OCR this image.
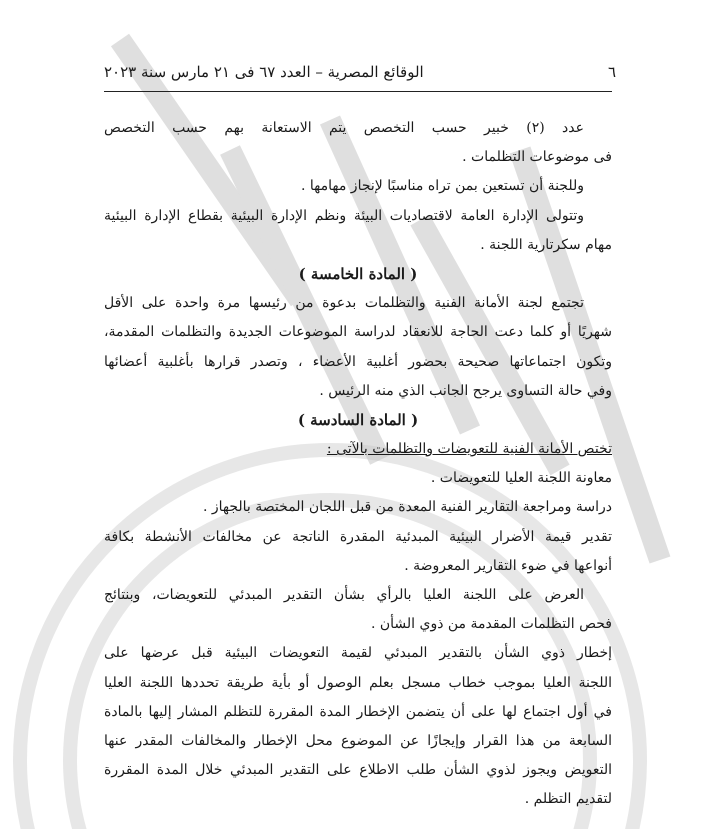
٦
الوقائع المصرية – العدد ٦٧ فى ٢١ مارس سنة ٢٠٢٣
عدد (٢) خبير حسب التخصص يتم الاستعانة بهم حسب التخصص
فى موضوعات التظلمات .
وللجنة أن تستعين بمن تراه مناسبًا لإنجاز مهامها .
وتتولى الإدارة العامة لاقتصاديات البيئة ونظم الإدارة البيئية بقطاع الإدارة البيئية
مهام سكرتارية اللجنة .
( المادة الخامسة )
تجتمع لجنة الأمانة الفنية والتظلمات بدعوة من رئيسها مرة واحدة على الأقل
شهريًا أو كلما دعت الحاجة للانعقاد لدراسة الموضوعات الجديدة والتظلمات المقدمة،
وتكون اجتماعاتها صحيحة بحضور أغلبية الأعضاء ، وتصدر قرارها بأغلبية أعضائها
وفي حالة التساوى يرجح الجانب الذي منه الرئيس .
( المادة السادسة )
تختص الأمانة الفنية للتعويضات والتظلمات بالآتى :
معاونة اللجنة العليا للتعويضات .
دراسة ومراجعة التقارير الفنية المعدة من قبل اللجان المختصة بالجهاز .
تقدير قيمة الأضرار البيئية المبدئية المقدرة الناتجة عن مخالفات الأنشطة بكافة
أنواعها في ضوء التقارير المعروضة .
العرض على اللجنة العليا بالرأي بشأن التقدير المبدئي للتعويضات، وبنتائج
فحص التظلمات المقدمة من ذوي الشأن .
إخطار ذوي الشأن بالتقدير المبدئي لقيمة التعويضات البيئية قبل عرضها على
اللجنة العليا بموجب خطاب مسجل بعلم الوصول أو بأية طريقة تحددها اللجنة العليا
في أول اجتماع لها على أن يتضمن الإخطار المدة المقررة للتظلم المشار إليها بالمادة
السابعة من هذا القرار وإيجازًا عن الموضوع محل الإخطار والمخالفات المقدر عنها
التعويض ويجوز لذوي الشأن طلب الاطلاع على التقدير المبدئي خلال المدة المقررة
لتقديم التظلم .
